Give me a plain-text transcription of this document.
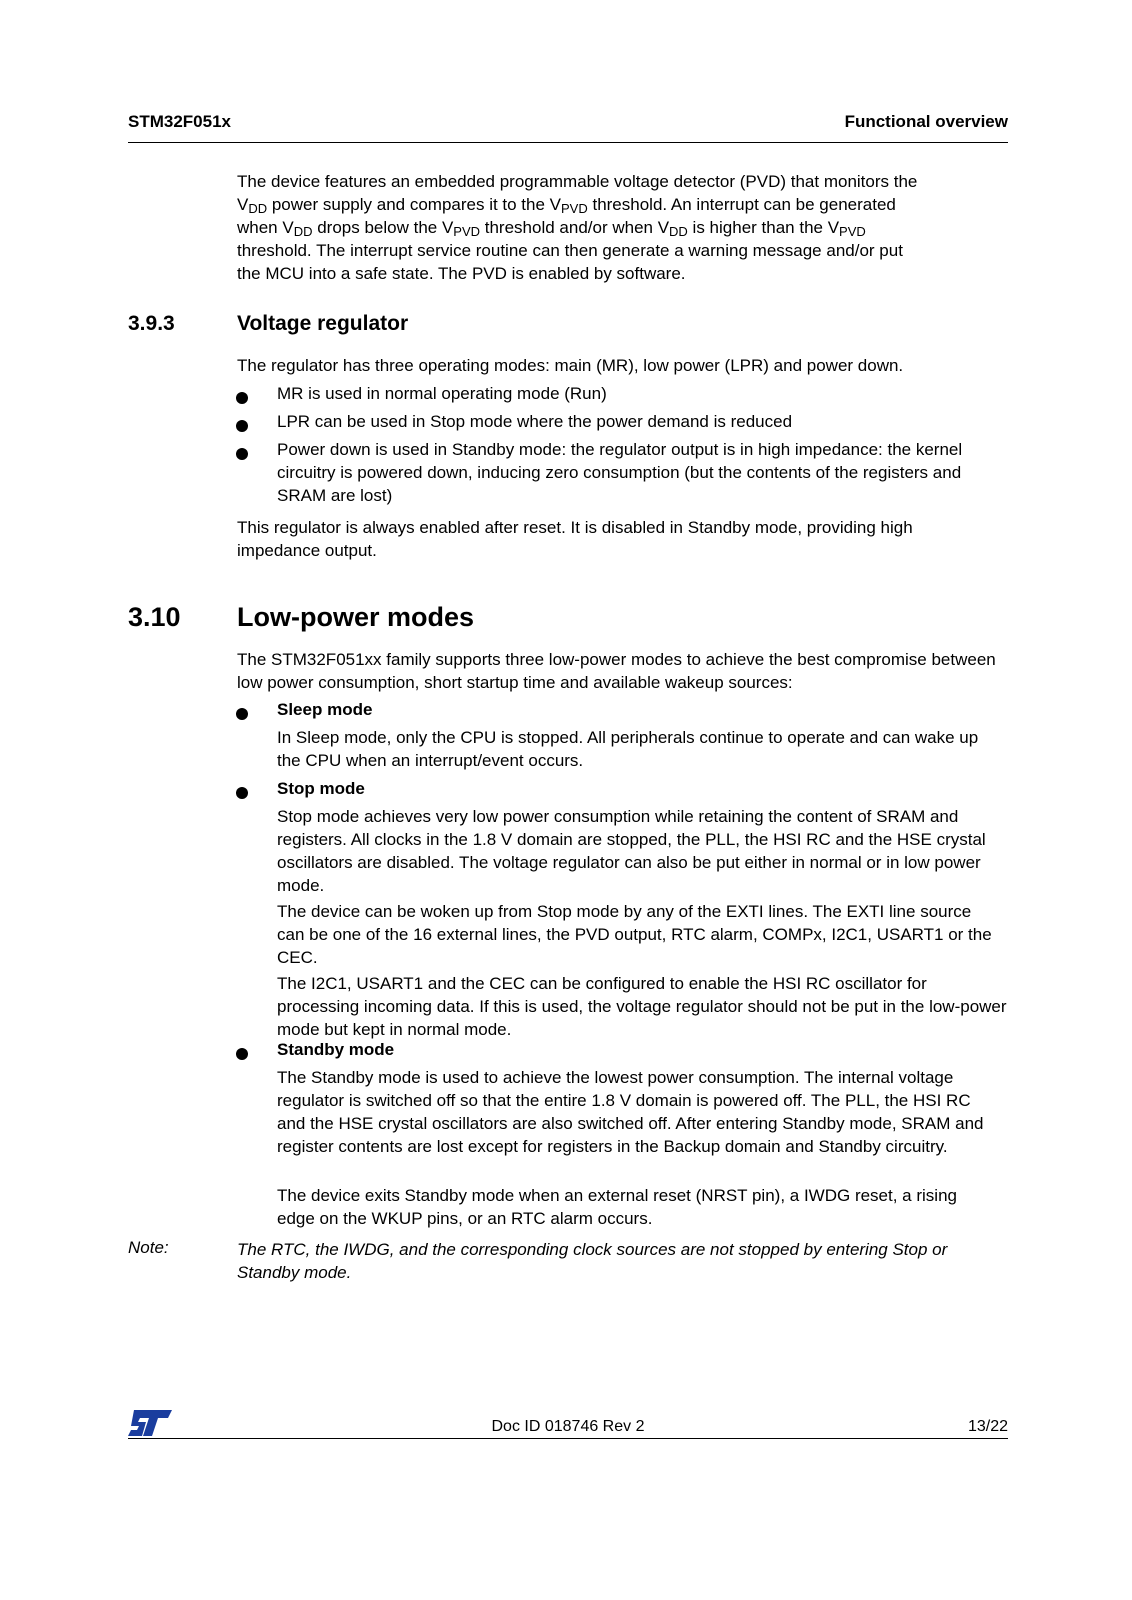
STM32F051x	Functional overview
The device features an embedded programmable voltage detector (PVD) that monitors the
$V_{DD}$ power supply and compares it to the $V_{PVD}$ threshold. An interrupt can be generated
when $V_{DD}$ drops below the $V_{PVD}$ threshold and/or when $V_{DD}$ is higher than the $V_{PVD}$
threshold. The interrupt service routine can then generate a warning message and/or put
the MCU into a safe state. The PVD is enabled by software.
3.9.3	Voltage regulator
The regulator has three operating modes: main (MR), low power (LPR) and power down.
MR is used in normal operating mode (Run)
LPR can be used in Stop mode where the power demand is reduced
Power down is used in Standby mode: the regulator output is in high impedance: the kernel circuitry is powered down, inducing zero consumption (but the contents of the registers and SRAM are lost)
This regulator is always enabled after reset. It is disabled in Standby mode, providing high impedance output.
3.10 Low-power modes
The STM32F051xx family supports three low-power modes to achieve the best compromise between low power consumption, short startup time and available wakeup sources:
Sleep mode
In Sleep mode, only the CPU is stopped. All peripherals continue to operate and can wake up the CPU when an interrupt/event occurs.
Stop mode
Stop mode achieves very low power consumption while retaining the content of SRAM and registers. All clocks in the 1.8 V domain are stopped, the PLL, the HSI RC and the HSE crystal oscillators are disabled. The voltage regulator can also be put either in normal or in low power mode.
The device can be woken up from Stop mode by any of the EXTI lines. The EXTI line source can be one of the 16 external lines, the PVD output, RTC alarm, COMPx, I2C1, USART1 or the CEC.
The I2C1, USART1 and the CEC can be configured to enable the HSI RC oscillator for processing incoming data. If this is used, the voltage regulator should not be put in the low-power mode but kept in normal mode.
Standby mode
The Standby mode is used to achieve the lowest power consumption. The internal voltage regulator is switched off so that the entire 1.8 V domain is powered off. The PLL, the HSI RC and the HSE crystal oscillators are also switched off. After entering Standby mode, SRAM and register contents are lost except for registers in the Backup domain and Standby circuitry.
The device exits Standby mode when an external reset (NRST pin), a IWDG reset, a rising edge on the WKUP pins, or an RTC alarm occurs.
Note:	The RTC, the IWDG, and the corresponding clock sources are not stopped by entering Stop or Standby mode.
Doc ID 018746 Rev 2	13/22
